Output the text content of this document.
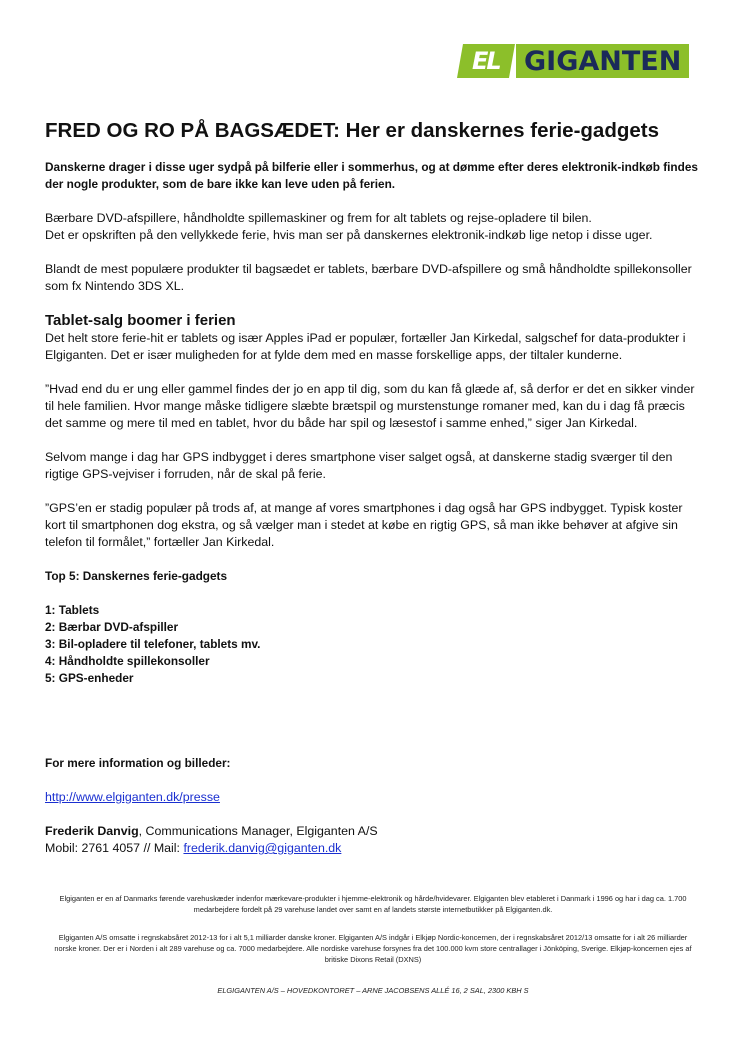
EL GIGANTEN
FRED OG RO PÅ BAGSÆDET: Her er danskernes ferie-gadgets

Danskerne drager i disse uger sydpå på bilferie eller i sommerhus, og at dømme efter deres elektronik-indkøb findes der nogle produkter, som de bare ikke kan leve uden på ferien.

Bærbare DVD-afspillere, håndholdte spillemaskiner og frem for alt tablets og rejse-opladere til bilen.
Det er opskriften på den vellykkede ferie, hvis man ser på danskernes elektronik-indkøb lige netop i disse uger.

Blandt de mest populære produkter til bagsædet er tablets, bærbare DVD-afspillere og små håndholdte spillekonsoller som fx Nintendo 3DS XL.

Tablet-salg boomer i ferien

Det helt store ferie-hit er tablets og især Apples iPad er populær, fortæller Jan Kirkedal, salgschef for data-produkter i Elgiganten. Det er især muligheden for at fylde dem med en masse forskellige apps, der tiltaler kunderne.

”Hvad end du er ung eller gammel findes der jo en app til dig, som du kan få glæde af, så derfor er det en sikker vinder til hele familien. Hvor mange måske tidligere slæbte brætspil og murstenstunge romaner med, kan du i dag få præcis det samme og mere til med en tablet, hvor du både har spil og læsestof i samme enhed,” siger Jan Kirkedal.

Selvom mange i dag har GPS indbygget i deres smartphone viser salget også, at danskerne stadig sværger til den rigtige GPS-vejviser i forruden, når de skal på ferie.

”GPS’en er stadig populær på trods af, at mange af vores smartphones i dag også har GPS indbygget. Typisk koster kort til smartphonen dog ekstra, og så vælger man i stedet at købe en rigtig GPS, så man ikke behøver at afgive sin telefon til formålet,” fortæller Jan Kirkedal.

Top 5: Danskernes ferie-gadgets

1: Tablets
2: Bærbar DVD-afspiller
3: Bil-opladere til telefoner, tablets mv.
4: Håndholdte spillekonsoller
5: GPS-enheder

For mere information og billeder:

http://www.elgiganten.dk/presse

Frederik Danvig, Communications Manager, Elgiganten A/S
Mobil: 2761 4057 // Mail: frederik.danvig@giganten.dk
Elgiganten er en af Danmarks førende varehuskæder indenfor mærkevare-produkter i hjemme-elektronik og hårde/hvidevarer. Elgiganten blev etableret i Danmark i 1996 og har i dag ca. 1.700 medarbejdere fordelt på 29 varehuse landet over samt en af landets største internetbutikker på Elgiganten.dk.
Elgiganten A/S omsatte i regnskabsåret 2012-13 for i alt 5,1 milliarder danske kroner. Elgiganten A/S indgår i Elkjøp Nordic-koncernen, der i regnskabsåret 2012/13 omsatte for i alt 26 milliarder norske kroner. Der er i Norden i alt 289 varehuse og ca. 7000 medarbejdere. Alle nordiske varehuse forsynes fra det 100.000 kvm store centrallager i Jönköping, Sverige. Elkjøp-koncernen ejes af britiske Dixons Retail (DXNS)
ELGIGANTEN A/S – HOVEDKONTORET – ARNE JACOBSENS ALLÉ 16, 2 SAL, 2300 KBH S
